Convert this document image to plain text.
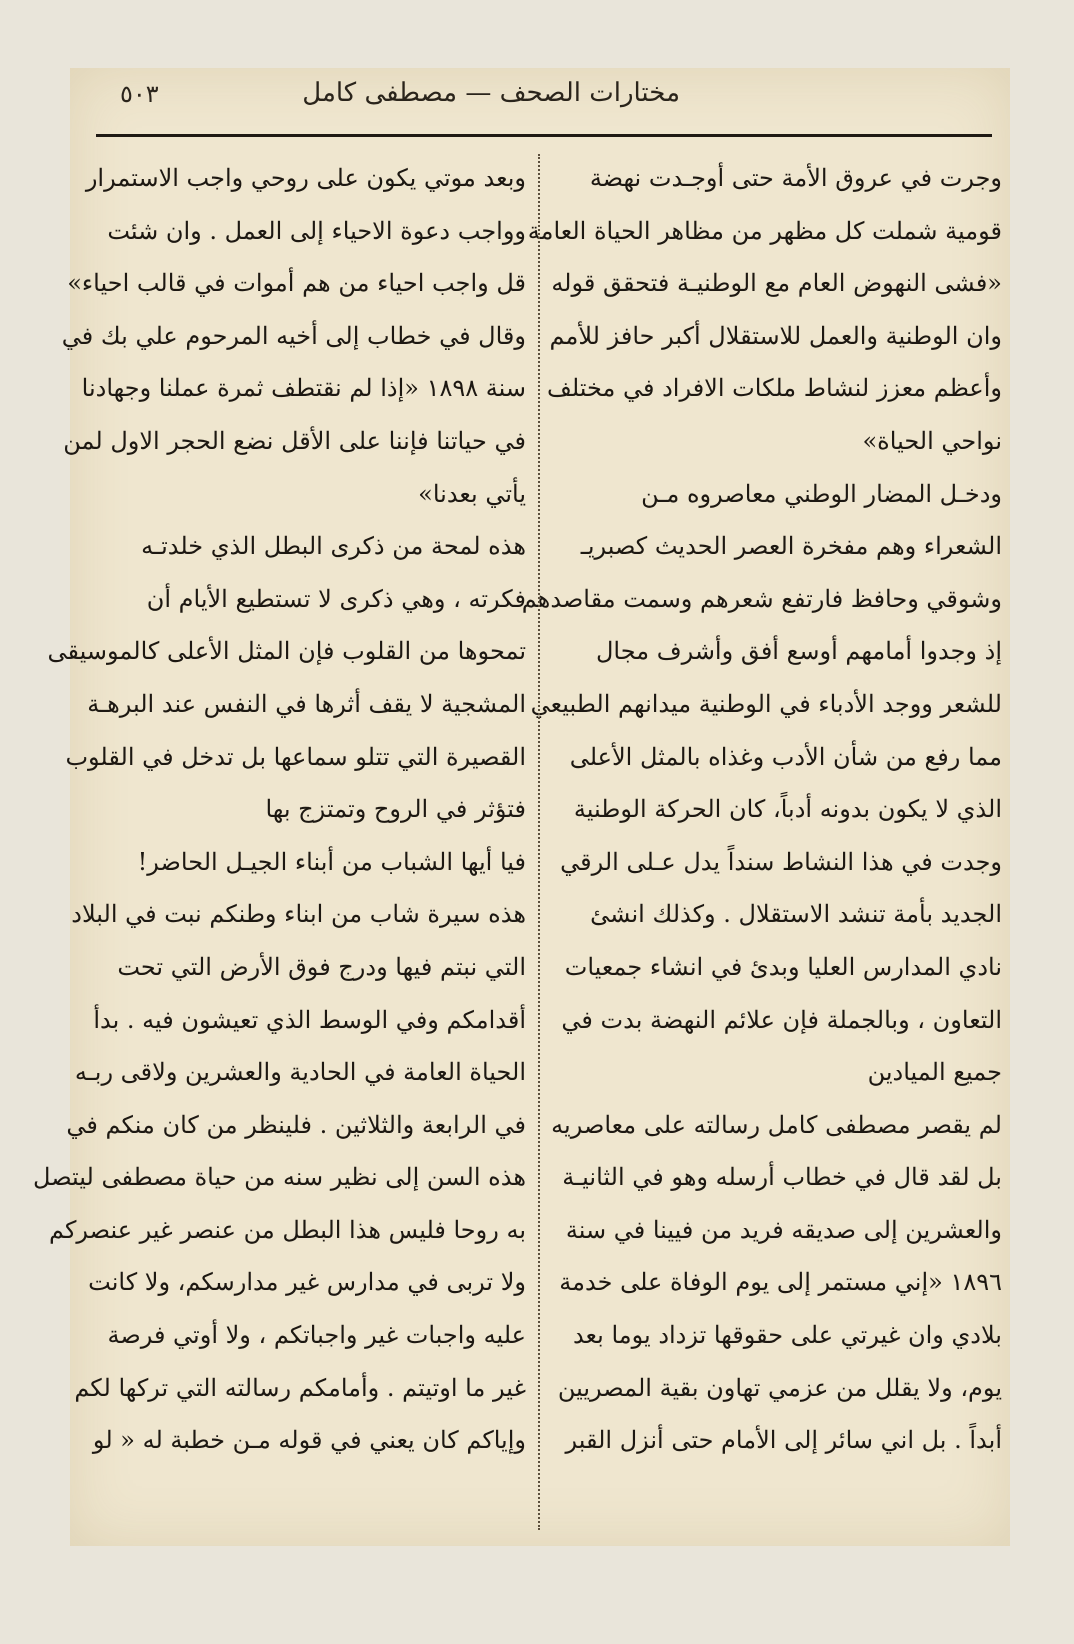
مختارات الصحف — مصطفى كامل
٥٠٣
وجرت في عروق الأمة حتى أوجـدت نهضة
قومية شملت كل مظهر من مظاهر الحياة العامة
«فشى النهوض العام مع الوطنيـة فتحقق قوله
وان الوطنية والعمل للاستقلال أكبر حافز للأمم
وأعظم معزز لنشاط ملكات الافراد في مختلف
نواحي الحياة»
ودخـل المضار الوطني معاصروه مـن
الشعراء وهم مفخرة العصر الحديث كصبريـ
وشوقي وحافظ فارتفع شعرهم وسمت مقاصدهم
إذ وجدوا أمامهم أوسع أفق وأشرف مجال
للشعر ووجد الأدباء في الوطنية ميدانهم الطبيعي
مما رفع من شأن الأدب وغذاه بالمثل الأعلى
الذي لا يكون بدونه أدباً، كان الحركة الوطنية
وجدت في هذا النشاط سنداً يدل عـلى الرقي
الجديد بأمة تنشد الاستقلال . وكذلك انشئ
نادي المدارس العليا وبدئ في انشاء جمعيات
التعاون ، وبالجملة فإن علائم النهضة بدت في
جميع الميادين
لم يقصر مصطفى كامل رسالته على معاصريه
بل لقد قال في خطاب أرسله وهو في الثانيـة
والعشرين إلى صديقه فريد من فيينا في سنة
١٨٩٦ «إني مستمر إلى يوم الوفاة على خدمة
بلادي وان غيرتي على حقوقها تزداد يوما بعد
يوم، ولا يقلل من عزمي تهاون بقية المصريين
أبداً . بل اني سائر إلى الأمام حتى أنزل القبر
وبعد موتي يكون على روحي واجب الاستمرار
وواجب دعوة الاحياء إلى العمل . وان شئت
قل واجب احياء من هم أموات في قالب احياء»
وقال في خطاب إلى أخيه المرحوم علي بك في
سنة ١٨٩٨ «إذا لم نقتطف ثمرة عملنا وجهادنا
في حياتنا فإننا على الأقل نضع الحجر الاول لمن
يأتي بعدنا»
هذه لمحة من ذكرى البطل الذي خلدتـه
فكرته ، وهي ذكرى لا تستطيع الأيام أن
تمحوها من القلوب فإن المثل الأعلى كالموسيقى
المشجية لا يقف أثرها في النفس عند البرهـة
القصيرة التي تتلو سماعها بل تدخل في القلوب
فتؤثر في الروح وتمتزج بها
فيا أيها الشباب من أبناء الجيـل الحاضر!
هذه سيرة شاب من ابناء وطنكم نبت في البلاد
التي نبتم فيها ودرج فوق الأرض التي تحت
أقدامكم وفي الوسط الذي تعيشون فيه . بدأ
الحياة العامة في الحادية والعشرين ولاقى ربـه
في الرابعة والثلاثين . فلينظر من كان منكم في
هذه السن إلى نظير سنه من حياة مصطفى ليتصل
به روحا فليس هذا البطل من عنصر غير عنصركم
ولا تربى في مدارس غير مدارسكم، ولا كانت
عليه واجبات غير واجباتكم ، ولا أوتي فرصة
غير ما اوتيتم . وأمامكم رسالته التي تركها لكم
وإياكم كان يعني في قوله مـن خطبة له « لو
